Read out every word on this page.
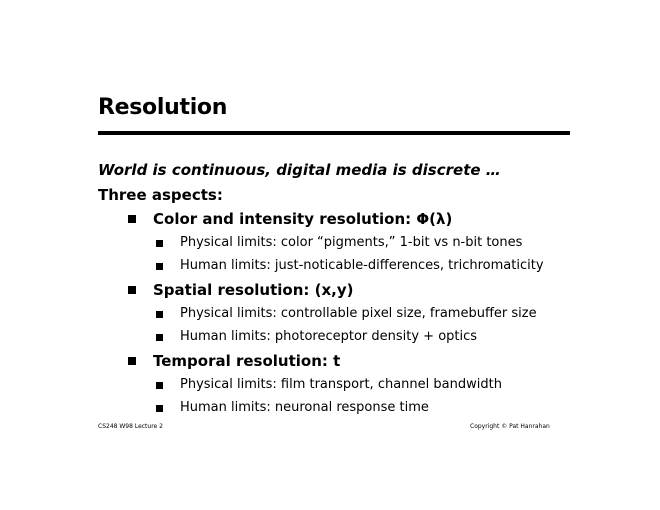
Resolution
World is continuous, digital media is discrete …
Three aspects:
Color and intensity resolution: Φ(λ)
Physical limits: color “pigments,” 1-bit vs n-bit tones
Human limits: just-noticable-differences, trichromaticity
Spatial resolution: (x,y)
Physical limits: controllable pixel size, framebuffer size
Human limits: photoreceptor density + optics
Temporal resolution: t
Physical limits: film transport, channel bandwidth
Human limits: neuronal response time
CS248 W98 Lecture 2	Copyright © Pat Hanrahan
